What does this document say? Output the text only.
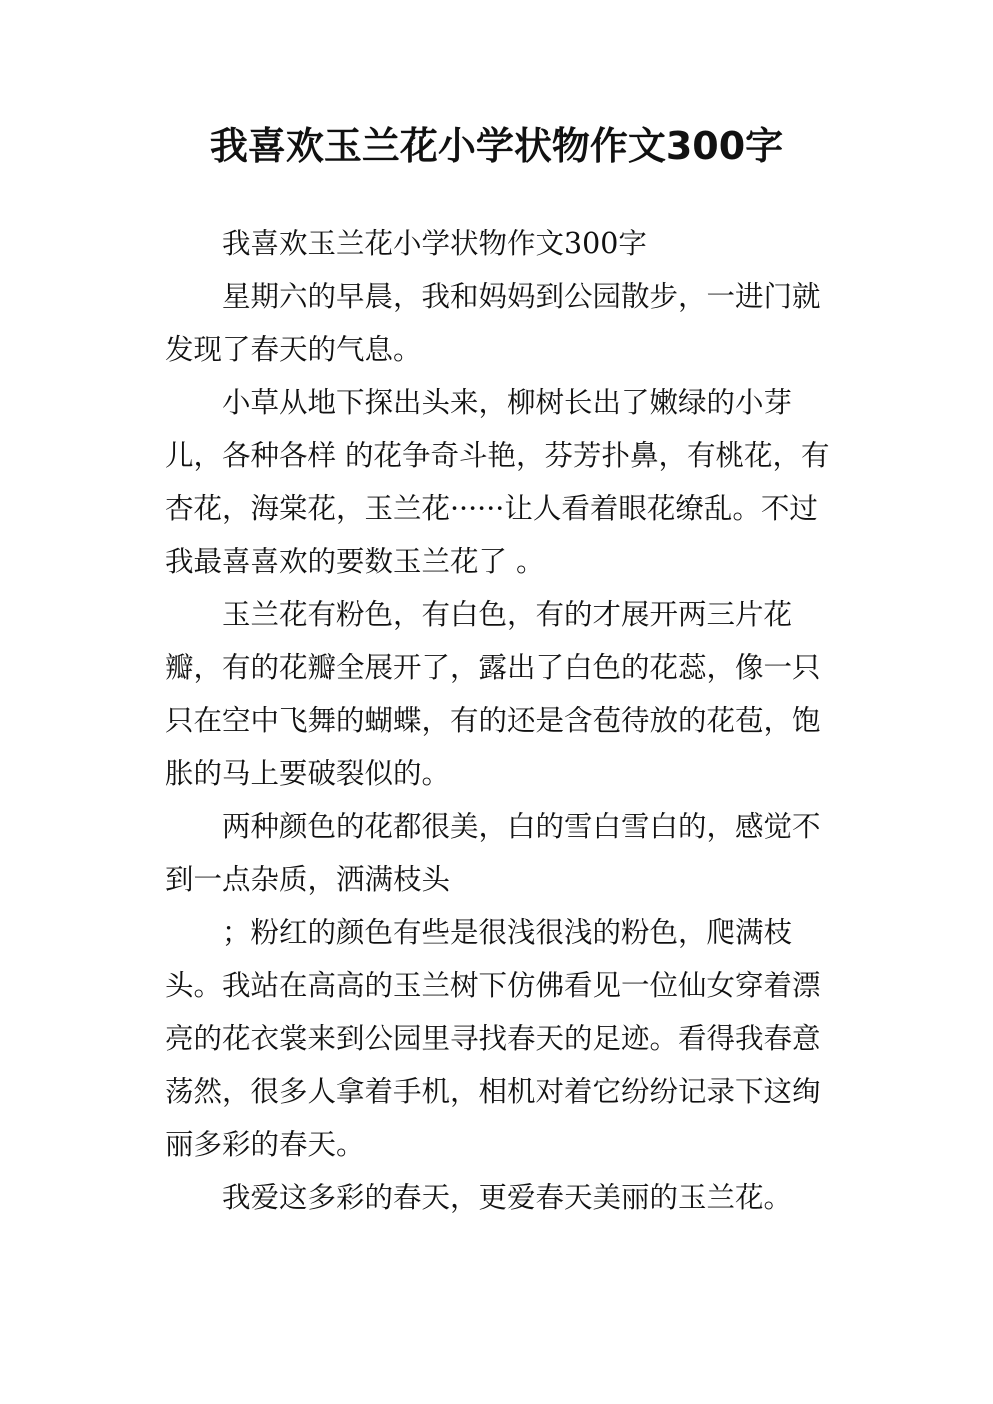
我喜欢玉兰花小学状物作文300字

我喜欢玉兰花小学状物作文300字

星期六的早晨，我和妈妈到公园散步，一进门就发现了春天的气息。

小草从地下探出头来，柳树长出了嫩绿的小芽儿，各种各样 的花争奇斗艳，芬芳扑鼻，有桃花，有杏花，海棠花，玉兰花······让人看着眼花缭乱。不过我最喜喜欢的要数玉兰花了 。

玉兰花有粉色，有白色，有的才展开两三片花瓣，有的花瓣全展开了，露出了白色的花蕊，像一只只在空中飞舞的蝴蝶，有的还是含苞待放的花苞，饱胀的马上要破裂似的。

两种颜色的花都很美，白的雪白雪白的，感觉不到一点杂质，洒满枝头

；粉红的颜色有些是很浅很浅的粉色，爬满枝头。我站在高高的玉兰树下仿佛看见一位仙女穿着漂亮的花衣裳来到公园里寻找春天的足迹。看得我春意荡然，很多人拿着手机，相机对着它纷纷记录下这绚丽多彩的春天。

我爱这多彩的春天，更爱春天美丽的玉兰花。
